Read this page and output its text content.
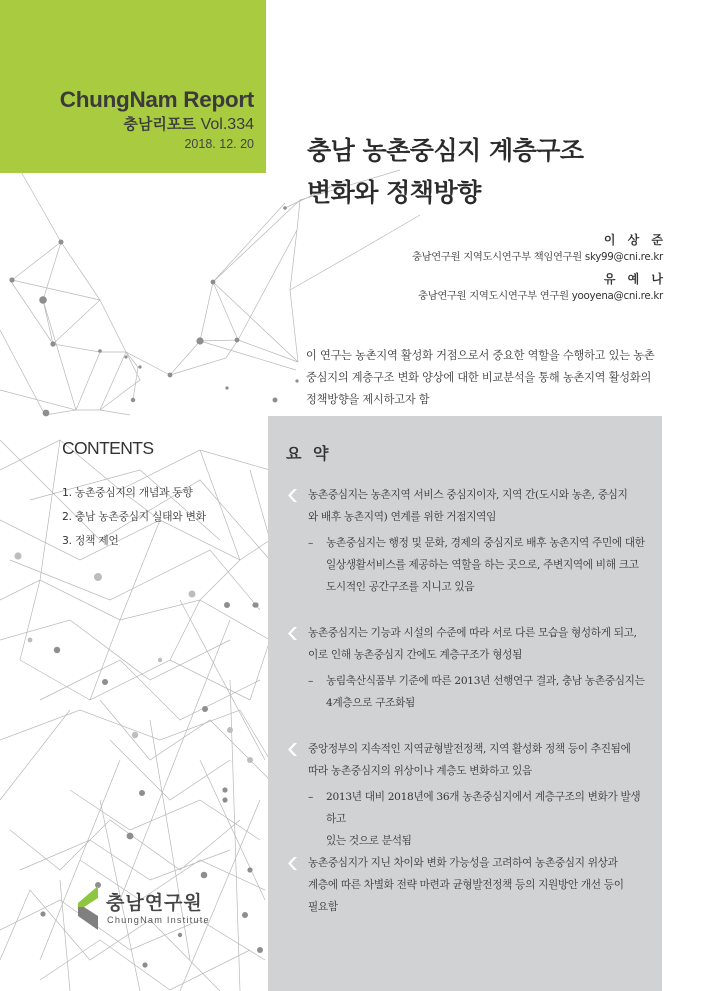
ChungNam Report
충남리포트 Vol.334
2018. 12. 20 충남 농촌중심지 계층구조
변화와 정책방향
이 상 준
충남연구원 지역도시연구부 책임연구원 sky99@cni.re.kr
유 예 나
충남연구원 지역도시연구부 연구원 yooyena@cni.re.kr
이 연구는 농촌지역 활성화 거점으로서 중요한 역할을 수행하고 있는 농촌
중심지의 계층구조 변화 양상에 대한 비교분석을 통해 농촌지역 활성화의
정책방향을 제시하고자 함
CONTENTS
1. 농촌중심지의 개념과 동향
2. 충남 농촌중심지 실태와 변화
3. 정책 제언
요 약
농촌중심지는 농촌지역 서비스 중심지이자, 지역 간(도시와 농촌, 중심지
와 배후 농촌지역) 연계를 위한 거점지역임
– 농촌중심지는 행정 및 문화, 경제의 중심지로 배후 농촌지역 주민에 대한
일상생활서비스를 제공하는 역할을 하는 곳으로, 주변지역에 비해 크고
도시적인 공간구조를 지니고 있음
농촌중심지는 기능과 시설의 수준에 따라 서로 다른 모습을 형성하게 되고,
이로 인해 농촌중심지 간에도 계층구조가 형성됨
– 농림축산식품부 기준에 따른 2013년 선행연구 결과, 충남 농촌중심지는
4계층으로 구조화됨
중앙정부의 지속적인 지역균형발전정책, 지역 활성화 정책 등이 추진됨에
따라 농촌중심지의 위상이나 계층도 변화하고 있음
– 2013년 대비 2018년에 36개 농촌중심지에서 계층구조의 변화가 발생하고
있는 것으로 분석됨
농촌중심지가 지닌 차이와 변화 가능성을 고려하여 농촌중심지 위상과
계층에 따른 차별화 전략 마련과 균형발전정책 등의 지원방안 개선 등이
필요함
충남연구원
ChungNam Institute
